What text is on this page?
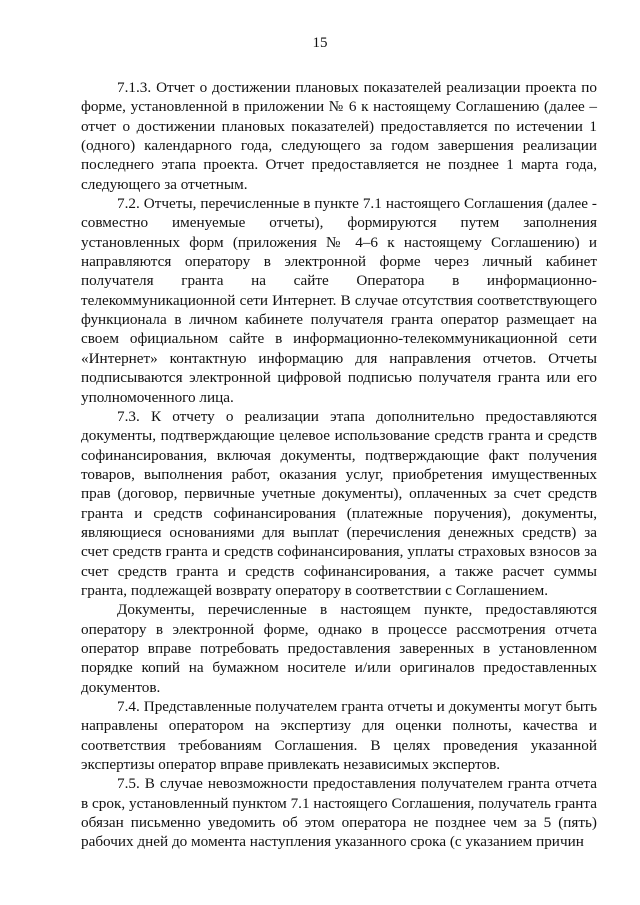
15

7.1.3. Отчет о достижении плановых показателей реализации проекта по форме, установленной в приложении № 6 к настоящему Соглашению (далее – отчет о достижении плановых показателей) предоставляется по истечении 1 (одного) календарного года, следующего за годом завершения реализации последнего этапа проекта. Отчет предоставляется не позднее 1 марта года, следующего за отчетным.

7.2. Отчеты, перечисленные в пункте 7.1 настоящего Соглашения (далее - совместно именуемые отчеты), формируются путем заполнения установленных форм (приложения № 4–6 к настоящему Соглашению) и направляются оператору в электронной форме через личный кабинет получателя гранта на сайте Оператора в информационно-телекоммуникационной сети Интернет. В случае отсутствия соответствующего функционала в личном кабинете получателя гранта оператор размещает на своем официальном сайте в информационно-телекоммуникационной сети «Интернет» контактную информацию для направления отчетов. Отчеты подписываются электронной цифровой подписью получателя гранта или его уполномоченного лица.

7.3. К отчету о реализации этапа дополнительно предоставляются документы, подтверждающие целевое использование средств гранта и средств софинансирования, включая документы, подтверждающие факт получения товаров, выполнения работ, оказания услуг, приобретения имущественных прав (договор, первичные учетные документы), оплаченных за счет средств гранта и средств софинансирования (платежные поручения), документы, являющиеся основаниями для выплат (перечисления денежных средств) за счет средств гранта и средств софинансирования, уплаты страховых взносов за счет средств гранта и средств софинансирования, а также расчет суммы гранта, подлежащей возврату оператору в соответствии с Соглашением.

Документы, перечисленные в настоящем пункте, предоставляются оператору в электронной форме, однако в процессе рассмотрения отчета оператор вправе потребовать предоставления заверенных в установленном порядке копий на бумажном носителе и/или оригиналов предоставленных документов.

7.4. Представленные получателем гранта отчеты и документы могут быть направлены оператором на экспертизу для оценки полноты, качества и соответствия требованиям Соглашения. В целях проведения указанной экспертизы оператор вправе привлекать независимых экспертов.

7.5. В случае невозможности предоставления получателем гранта отчета в срок, установленный пунктом 7.1 настоящего Соглашения, получатель гранта обязан письменно уведомить об этом оператора не позднее чем за 5 (пять) рабочих дней до момента наступления указанного срока (с указанием причин
